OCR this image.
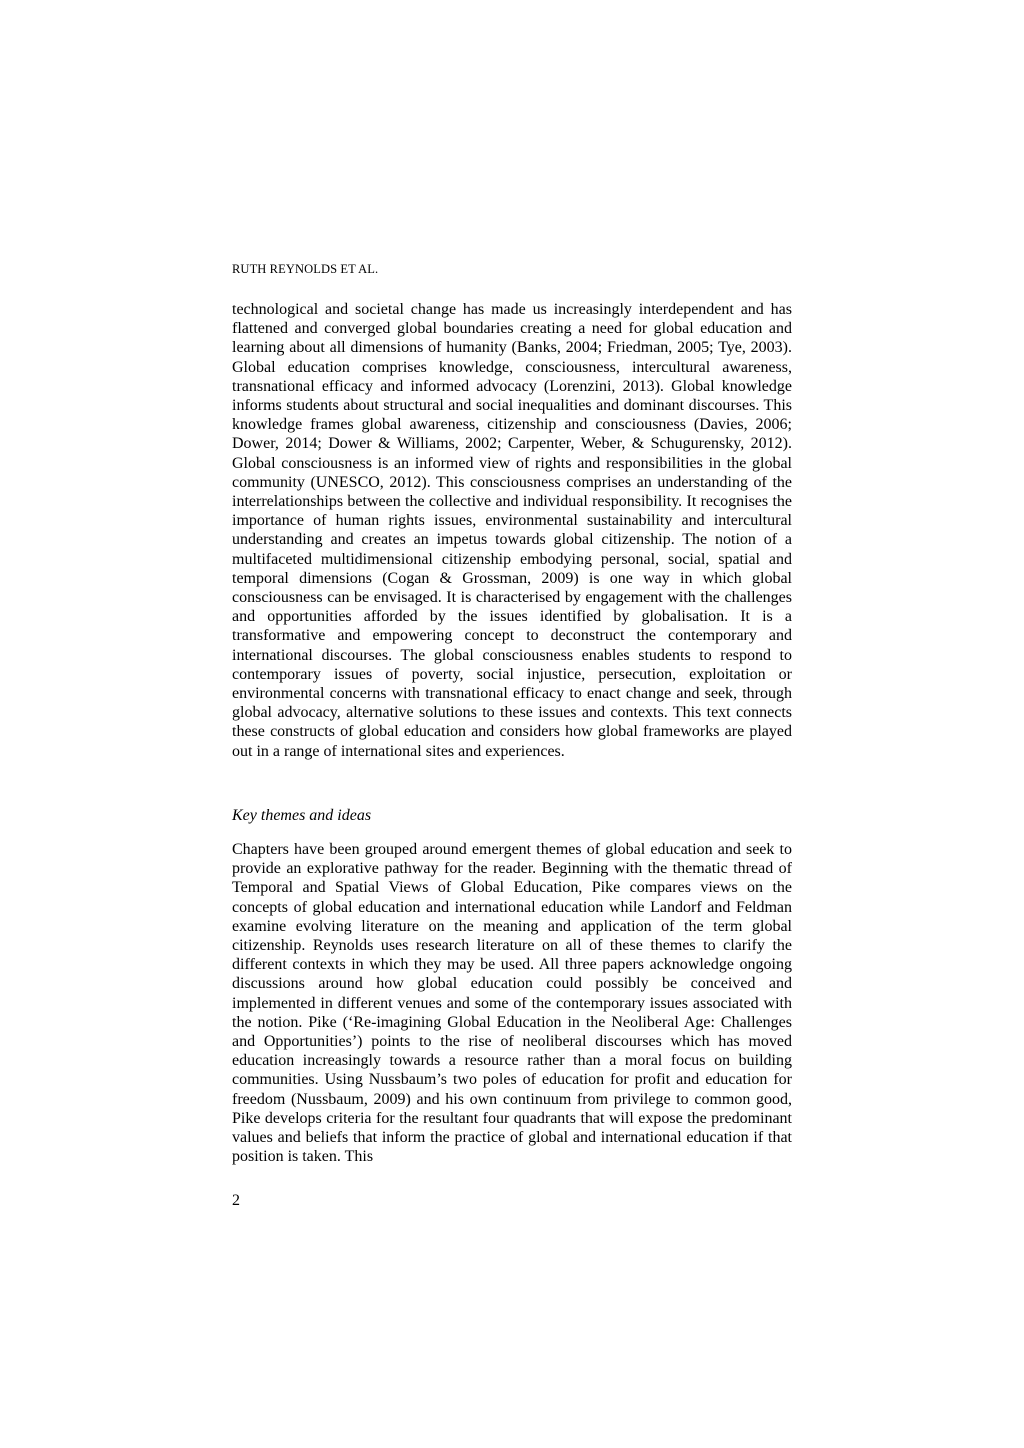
RUTH REYNOLDS ET AL.

technological and societal change has made us increasingly interdependent and has flattened and converged global boundaries creating a need for global education and learning about all dimensions of humanity (Banks, 2004; Friedman, 2005; Tye, 2003). Global education comprises knowledge, consciousness, intercultural awareness, transnational efficacy and informed advocacy (Lorenzini, 2013). Global knowledge informs students about structural and social inequalities and dominant discourses. This knowledge frames global awareness, citizenship and consciousness (Davies, 2006; Dower, 2014; Dower & Williams, 2002; Carpenter, Weber, & Schugurensky, 2012). Global consciousness is an informed view of rights and responsibilities in the global community (UNESCO, 2012). This consciousness comprises an understanding of the interrelationships between the collective and individual responsibility. It recognises the importance of human rights issues, environmental sustainability and intercultural understanding and creates an impetus towards global citizenship. The notion of a multifaceted multidimensional citizenship embodying personal, social, spatial and temporal dimensions (Cogan & Grossman, 2009) is one way in which global consciousness can be envisaged. It is characterised by engagement with the challenges and opportunities afforded by the issues identified by globalisation. It is a transformative and empowering concept to deconstruct the contemporary and international discourses. The global consciousness enables students to respond to contemporary issues of poverty, social injustice, persecution, exploitation or environmental concerns with transnational efficacy to enact change and seek, through global advocacy, alternative solutions to these issues and contexts. This text connects these constructs of global education and considers how global frameworks are played out in a range of international sites and experiences.

Key themes and ideas

Chapters have been grouped around emergent themes of global education and seek to provide an explorative pathway for the reader. Beginning with the thematic thread of Temporal and Spatial Views of Global Education, Pike compares views on the concepts of global education and international education while Landorf and Feldman examine evolving literature on the meaning and application of the term global citizenship. Reynolds uses research literature on all of these themes to clarify the different contexts in which they may be used. All three papers acknowledge ongoing discussions around how global education could possibly be conceived and implemented in different venues and some of the contemporary issues associated with the notion. Pike (‘Re-imagining Global Education in the Neoliberal Age: Challenges and Opportunities’) points to the rise of neoliberal discourses which has moved education increasingly towards a resource rather than a moral focus on building communities. Using Nussbaum’s two poles of education for profit and education for freedom (Nussbaum, 2009) and his own continuum from privilege to common good, Pike develops criteria for the resultant four quadrants that will expose the predominant values and beliefs that inform the practice of global and international education if that position is taken. This

2
